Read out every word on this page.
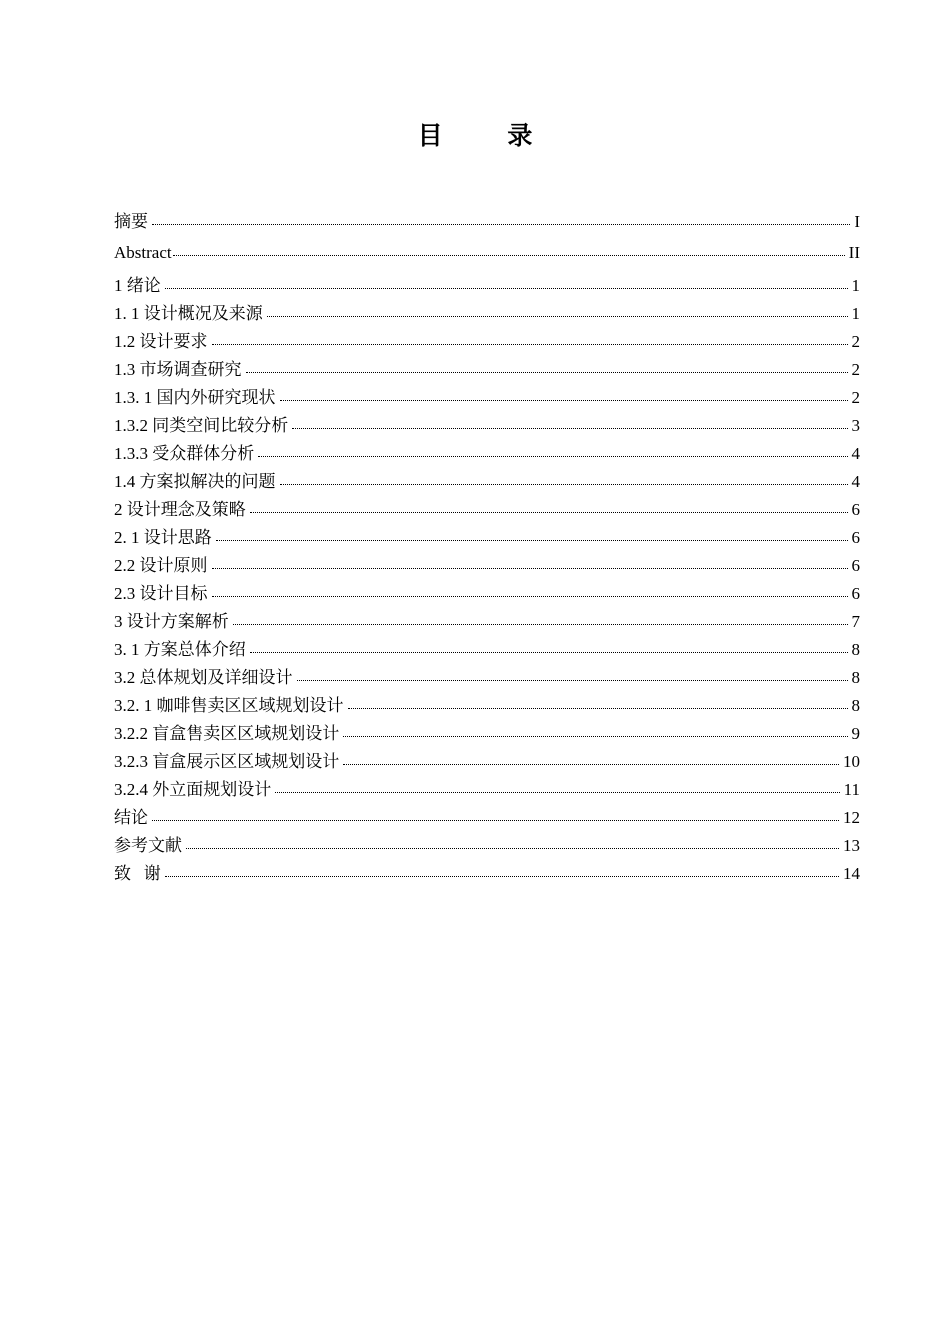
目 录
摘要	I
Abstract	II
1 绪论	1
1. 1 设计概况及来源	1
1.2 设计要求	2
1.3 市场调查研究	2
1.3. 1 国内外研究现状	2
1.3.2 同类空间比较分析	3
1.3.3 受众群体分析	4
1.4 方案拟解决的问题	4
2 设计理念及策略	6
2. 1 设计思路	6
2.2 设计原则	6
2.3 设计目标	6
3 设计方案解析	7
3. 1 方案总体介绍	8
3.2 总体规划及详细设计	8
3.2. 1 咖啡售卖区区域规划设计	8
3.2.2 盲盒售卖区区域规划设计	9
3.2.3 盲盒展示区区域规划设计	10
3.2.4 外立面规划设计	11
结论	12
参考文献	13
致   谢	14
